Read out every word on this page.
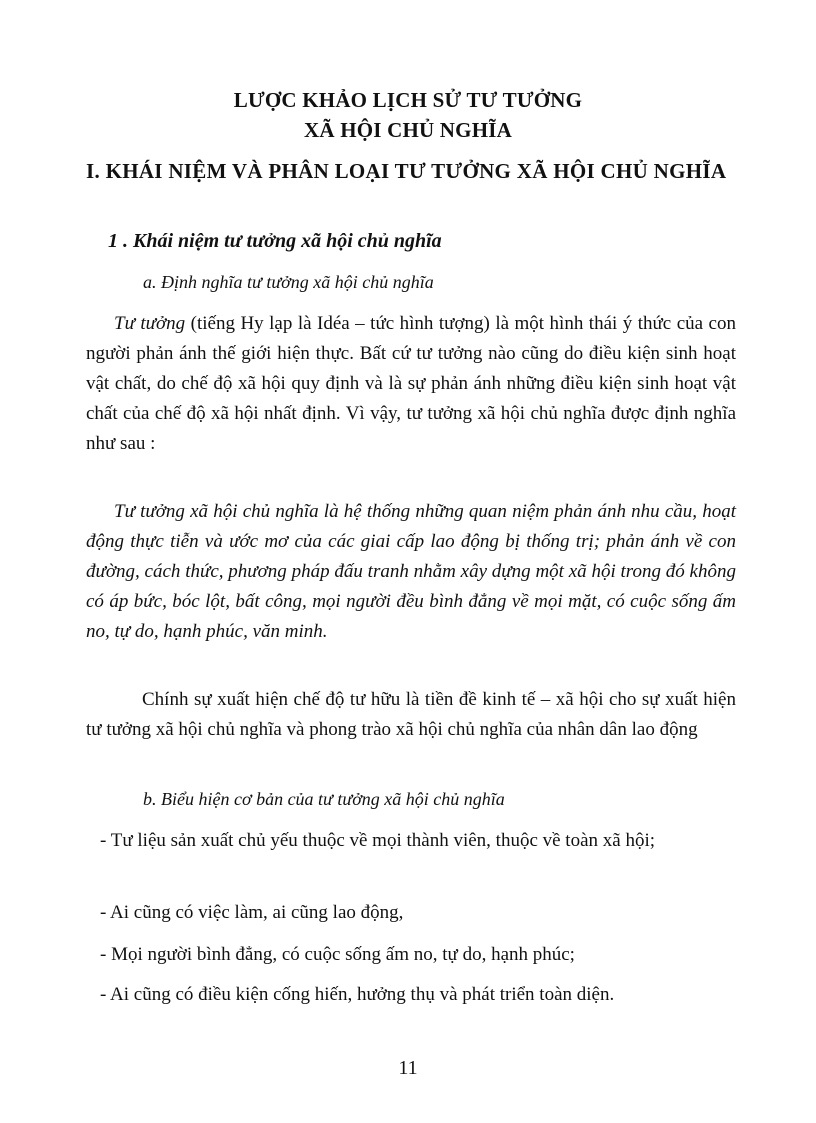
LƯỢC KHẢO LỊCH SỬ TƯ TƯỞNG
XÃ HỘI CHỦ NGHĨA
I. KHÁI NIỆM VÀ PHÂN LOẠI TƯ TƯỞNG XÃ HỘI CHỦ NGHĨA
1 . Khái niệm tư tưởng xã hội chủ nghĩa
a. Định nghĩa tư tưởng xã hội chủ nghĩa
Tư tưởng (tiếng Hy lạp là Idéa – tức hình tượng) là một hình thái ý thức của con người phản ánh thế giới hiện thực. Bất cứ tư tưởng nào cũng do điều kiện sinh hoạt vật chất, do chế độ xã hội quy định và là sự phản ánh những điều kiện sinh hoạt vật chất của chế độ xã hội nhất định. Vì vậy, tư tưởng xã hội chủ nghĩa được định nghĩa như sau :
Tư tưởng xã hội chủ nghĩa là hệ thống những quan niệm phản ánh nhu cầu, hoạt động thực tiễn và ước mơ của các giai cấp lao động bị thống trị; phản ánh về con đường, cách thức, phương pháp đấu tranh nhằm xây dựng một xã hội trong đó không có áp bức, bóc lột, bất công, mọi người đều bình đẳng về mọi mặt, có cuộc sống ấm no, tự do, hạnh phúc, văn minh.
Chính sự xuất hiện chế độ tư hữu là tiền đề kinh tế – xã hội cho sự xuất hiện tư tưởng xã hội chủ nghĩa và phong trào xã hội chủ nghĩa của nhân dân lao động
b. Biểu hiện cơ bản của tư tưởng xã hội chủ nghĩa
- Tư liệu sản xuất chủ yếu thuộc về mọi thành viên, thuộc về toàn xã hội;
- Ai cũng có việc làm, ai cũng lao động,
- Mọi người bình đẳng, có cuộc sống ấm no, tự do, hạnh phúc;
- Ai cũng có điều kiện cống hiến, hưởng thụ và phát triển toàn diện.
11
